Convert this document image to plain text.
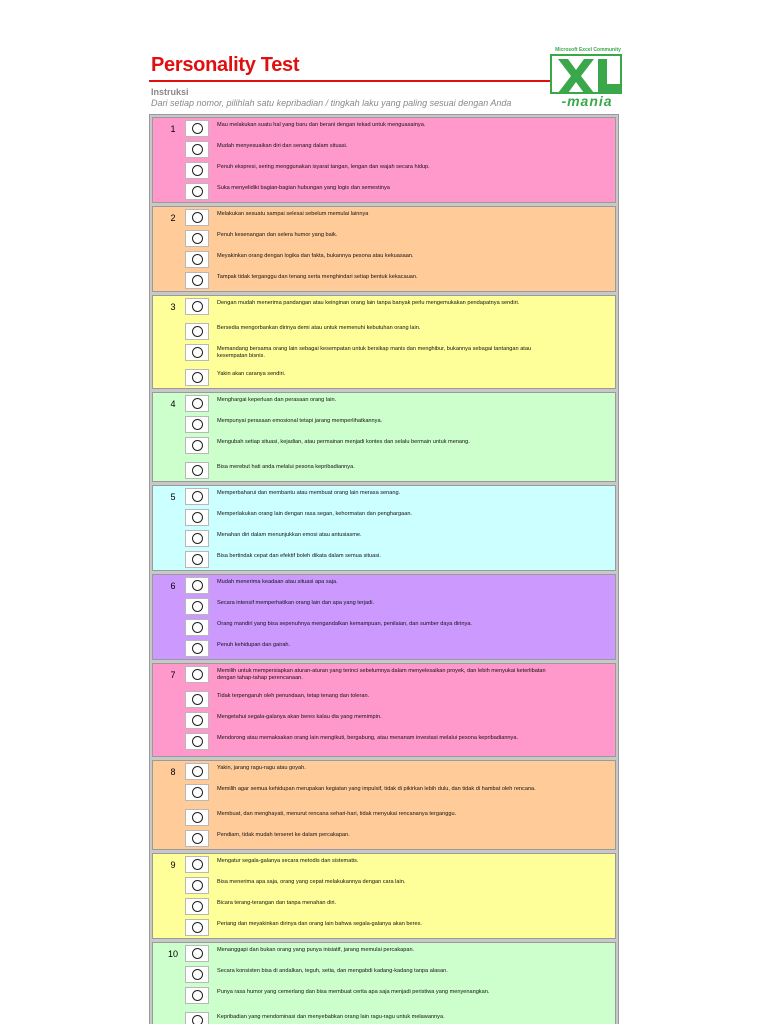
Personality Test
Instruksi
Dari setiap nomor, pilihlah satu kepribadian / tingkah laku yang paling sesuai dengan Anda
Microsoft Excel Community
-mania
1	Mau melakukan suatu hal yang baru dan berani dengan tekad untuk menguasainya.
Mudah menyesuaikan diri dan senang dalam situasi.
Penuh ekspresi, sering menggunakan isyarat tangan, lengan dan wajah secara hidup.
Suka menyelidiki bagian-bagian hubungan yang logis dan semestinya
2	Melakukan sesuatu sampai selesai sebelum memulai lainnya
Penuh kesenangan dan selera humor yang baik.
Meyakinkan orang dengan logika dan fakta, bukannya pesona atau kekuasaan.
Tampak tidak terganggu dan tenang serta menghindari setiap bentuk kekacauan.
3	Dengan mudah menerima pandangan atau keinginan orang lain tanpa banyak perlu mengemukakan pendapatnya sendiri.
Bersedia mengorbankan dirinya demi atau untuk memenuhi kebutuhan orang lain.
Memandang bersama orang lain sebagai kesempatan untuk bersikap manis dan menghibur, bukannya sebagai tantangan atau kesempatan bisnis.
Yakin akan caranya sendiri.
4	Menghargai keperluan dan perasaan orang lain.
Mempunyai perasaan emosional tetapi jarang memperlihatkannya.
Mengubah setiap situasi, kejadian, atau permainan menjadi kontes dan selalu bermain untuk menang.
Bisa merebut hati anda melalui pesona kepribadiannya.
5	Memperbaharui dan membantu atau membuat orang lain merasa senang.
Memperlakukan orang lain dengan rasa segan, kehormatan dan penghargaan.
Menahan diri dalam menunjukkan emosi atau antusiasme.
Bisa bertindak cepat dan efektif boleh dikata dalam semua situasi.
6	Mudah menerima keadaan atau situasi apa saja.
Secara intensif memperhatikan orang lain dan apa yang terjadi.
Orang mandiri yang bisa sepenuhnya mengandalkan kemampuan, penilaian, dan sumber daya dirinya.
Penuh kehidupan dan gairah.
7	Memilih untuk mempersiapkan aturan-aturan yang terinci sebelumnya dalam menyelesaikan proyek, dan lebih menyukai keterlibatan dengan tahap-tahap perencanaan.
Tidak terpengaruh oleh penundaan, tetap tenang dan toleran.
Mengetahui segala-galanya akan beres kalau dia yang memimpin.
Mendorong atau memaksakan orang lain mengikuti, bergabung, atau menanam investasi melalui pesona kepribadiannya.
8	Yakin, jarang ragu-ragu atau goyah.
Memilih agar semua kehidupan merupakan kegiatan yang impulsif, tidak di pikirkan lebih dulu, dan tidak di hambat oleh rencana.
Membuat, dan menghayati, menurut rencana sehari-hari, tidak menyukai rencananya terganggu.
Pendiam, tidak mudah terseret ke dalam percakapan.
9	Mengatur segala-galanya secara metodis dan sistematis.
Bisa menerima apa saja, orang yang cepat melakukannya dengan cara lain.
Bicara terang-terangan dan tanpa menahan diri.
Periang dan meyakinkan dirinya dan orang lain bahwa segala-galanya akan beres.
10	Menanggapi dan bukan orang yang punya inisiatif, jarang memulai percakapan.
Secara konsisten bisa di andalkan, teguh, setia, dan mengabdi kadang-kadang tanpa alasan.
Punya rasa humor yang cemerlang dan bisa membuat cerita apa saja menjadi peristiwa yang menyenangkan.
Kepribadian yang mendominasi dan menyebabkan orang lain ragu-ragu untuk melawannya.
